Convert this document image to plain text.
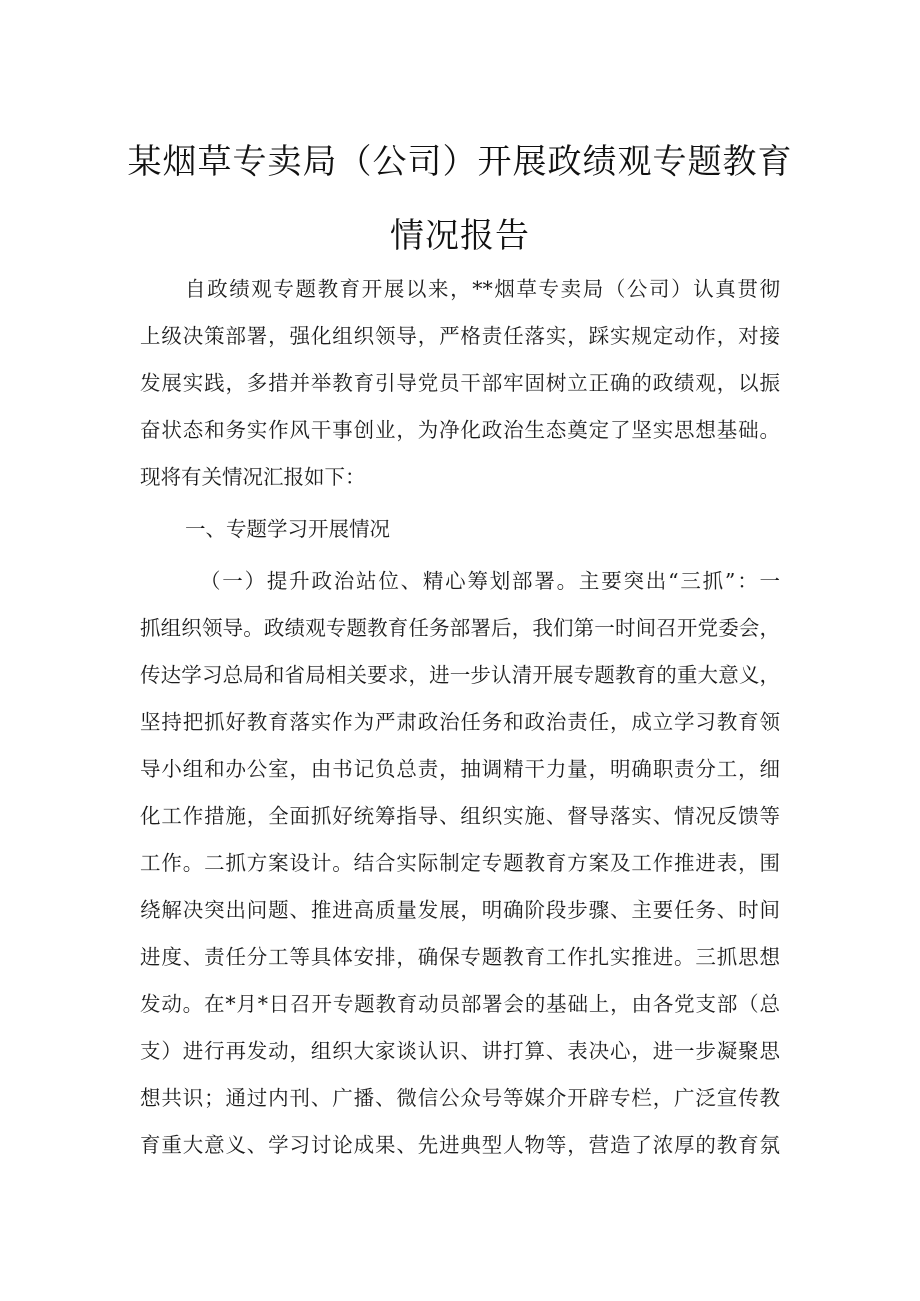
某烟草专卖局（公司）开展政绩观专题教育
情况报告
自政绩观专题教育开展以来，**烟草专卖局（公司）认真贯彻
上级决策部署，强化组织领导，严格责任落实，踩实规定动作，对接
发展实践，多措并举教育引导党员干部牢固树立正确的政绩观，以振
奋状态和务实作风干事创业，为净化政治生态奠定了坚实思想基础。
现将有关情况汇报如下：
一、专题学习开展情况
（一）提升政治站位、精心筹划部署。主要突出“三抓”：一
抓组织领导。政绩观专题教育任务部署后，我们第一时间召开党委会，
传达学习总局和省局相关要求，进一步认清开展专题教育的重大意义，
坚持把抓好教育落实作为严肃政治任务和政治责任，成立学习教育领
导小组和办公室，由书记负总责，抽调精干力量，明确职责分工，细
化工作措施，全面抓好统筹指导、组织实施、督导落实、情况反馈等
工作。二抓方案设计。结合实际制定专题教育方案及工作推进表，围
绕解决突出问题、推进高质量发展，明确阶段步骤、主要任务、时间
进度、责任分工等具体安排，确保专题教育工作扎实推进。三抓思想
发动。在*月*日召开专题教育动员部署会的基础上，由各党支部（总
支）进行再发动，组织大家谈认识、讲打算、表决心，进一步凝聚思
想共识；通过内刊、广播、微信公众号等媒介开辟专栏，广泛宣传教
育重大意义、学习讨论成果、先进典型人物等，营造了浓厚的教育氛
